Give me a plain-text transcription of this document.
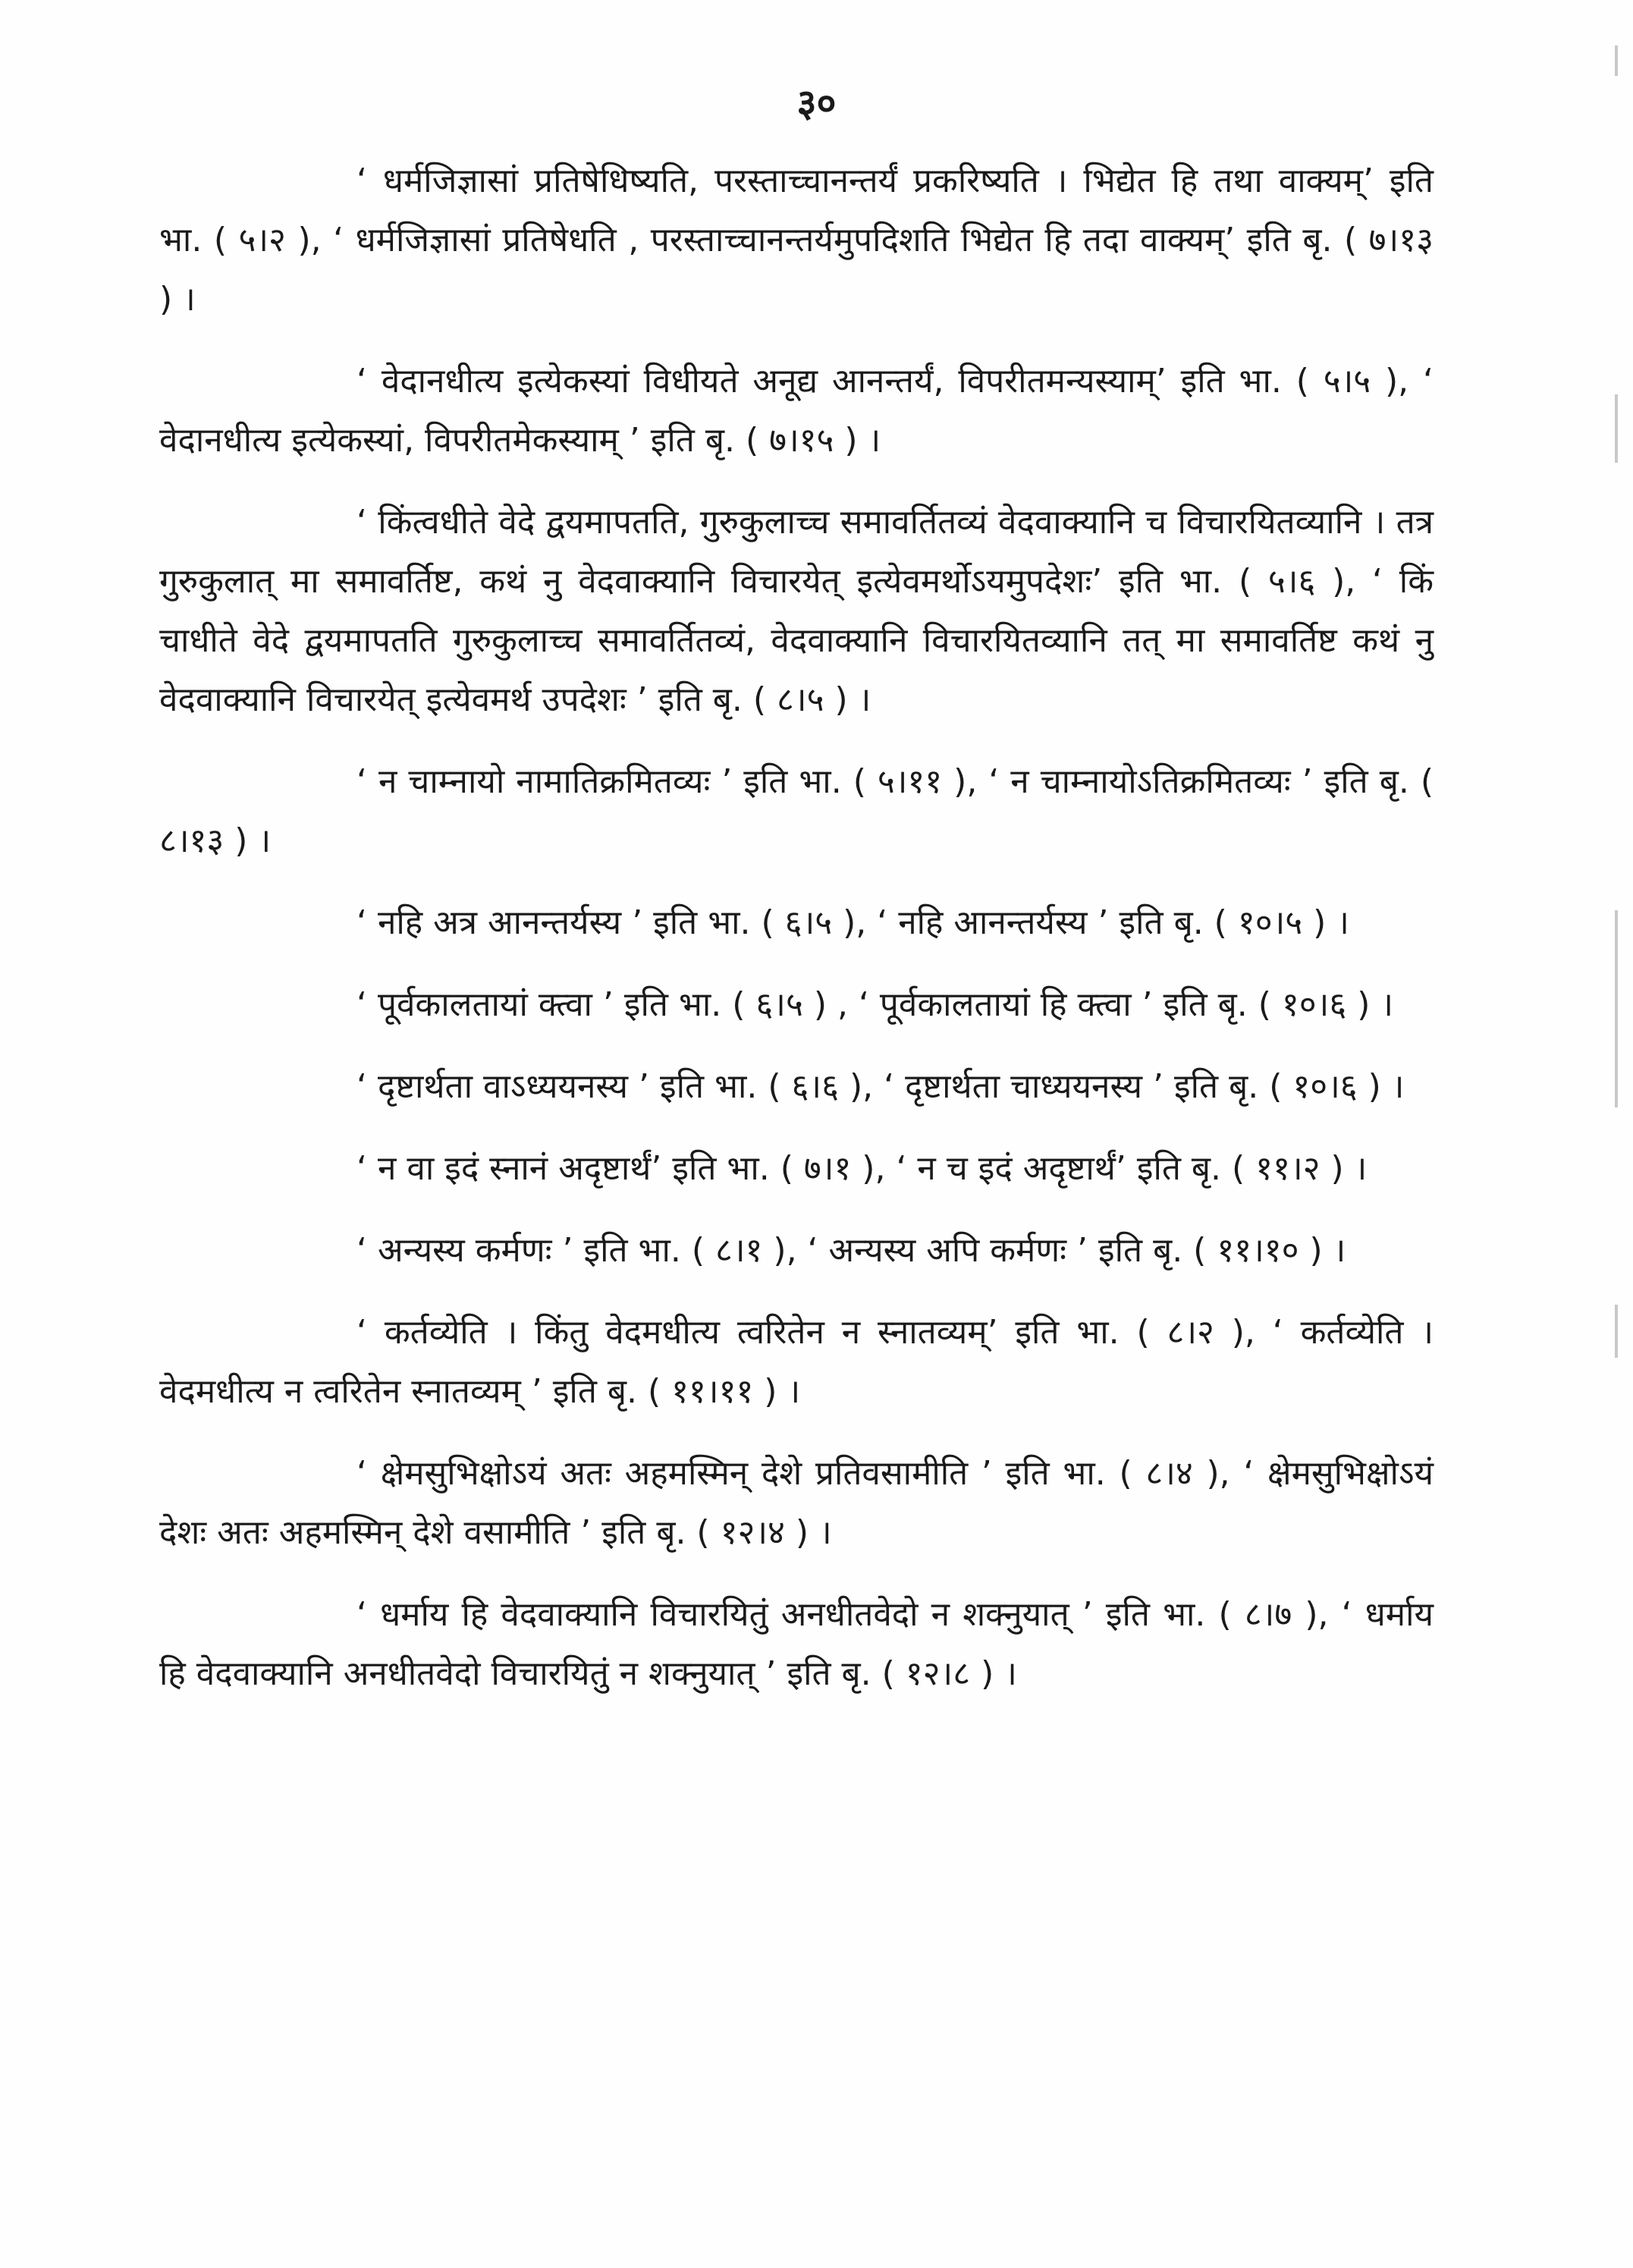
३०

‘ धर्मजिज्ञासां प्रतिषेधिष्यति, परस्ताच्चानन्तर्यं प्रकरिष्यति । भिद्येत हि तथा वाक्यम्’ इति भा. ( ५।२ ), ‘ धर्मजिज्ञासां प्रतिषेधति , परस्ताच्चानन्तर्यमुपदिशति भिद्येत हि तदा वाक्यम्’ इति बृ. ( ७।१३ ) ।

‘ वेदानधीत्य इत्येकस्यां विधीयते अनूद्य आनन्तर्यं, विपरीतमन्यस्याम्’ इति भा. ( ५।५ ), ‘ वेदानधीत्य इत्येकस्यां, विपरीतमेकस्याम् ’ इति बृ. ( ७।१५ ) ।

‘ किंत्वधीते वेदे द्वयमापतति, गुरुकुलाच्च समावर्तितव्यं वेदवाक्यानि च विचारयितव्यानि । तत्र गुरुकुलात् मा समावर्तिष्ट, कथं नु वेदवाक्यानि विचारयेत् इत्येवमर्थोऽयमुपदेशः’ इति भा. ( ५।६ ), ‘ किं चाधीते वेदे द्वयमापतति गुरुकुलाच्च समावर्तितव्यं, वेदवाक्यानि विचारयितव्यानि तत् मा समावर्तिष्ट कथं नु वेदवाक्यानि विचारयेत् इत्येवमर्थ उपदेशः ’ इति बृ. ( ८।५ ) ।

‘ न चाम्नायो नामातिक्रमितव्यः ’ इति भा. ( ५।११ ), ‘ न चाम्नायोऽतिक्रमितव्यः ’ इति बृ. ( ८।१३ ) ।

‘ नहि अत्र आनन्तर्यस्य ’ इति भा. ( ६।५ ), ‘ नहि आनन्तर्यस्य ’ इति बृ. ( १०।५ ) ।

‘ पूर्वकालतायां क्त्वा ’ इति भा. ( ६।५ ) , ‘ पूर्वकालतायां हि क्त्वा ’ इति बृ. ( १०।६ ) ।

‘ दृष्टार्थता वाऽध्ययनस्य ’ इति भा. ( ६।६ ), ‘ दृष्टार्थता चाध्ययनस्य ’ इति बृ. ( १०।६ ) ।

‘ न वा इदं स्नानं अदृष्टार्थं’ इति भा. ( ७।१ ), ‘ न च इदं अदृष्टार्थं’ इति बृ. ( ११।२ ) ।

‘ अन्यस्य कर्मणः ’ इति भा. ( ८।१ ), ‘ अन्यस्य अपि कर्मणः ’ इति बृ. ( ११।१० ) ।

‘ कर्तव्येति । किंतु वेदमधीत्य त्वरितेन न स्नातव्यम्’ इति भा. ( ८।२ ), ‘ कर्तव्येति । वेदमधीत्य न त्वरितेन स्नातव्यम् ’ इति बृ. ( ११।११ ) ।

‘ क्षेमसुभिक्षोऽयं अतः अहमस्मिन् देशे प्रतिवसामीति ’ इति भा. ( ८।४ ), ‘ क्षेमसुभिक्षोऽयं देशः अतः अहमस्मिन् देशे वसामीति ’ इति बृ. ( १२।४ ) ।

‘ धर्माय हि वेदवाक्यानि विचारयितुं अनधीतवेदो न शक्नुयात् ’ इति भा. ( ८।७ ), ‘ धर्माय हि वेदवाक्यानि अनधीतवेदो विचारयितुं न शक्नुयात् ’ इति बृ. ( १२।८ ) ।
